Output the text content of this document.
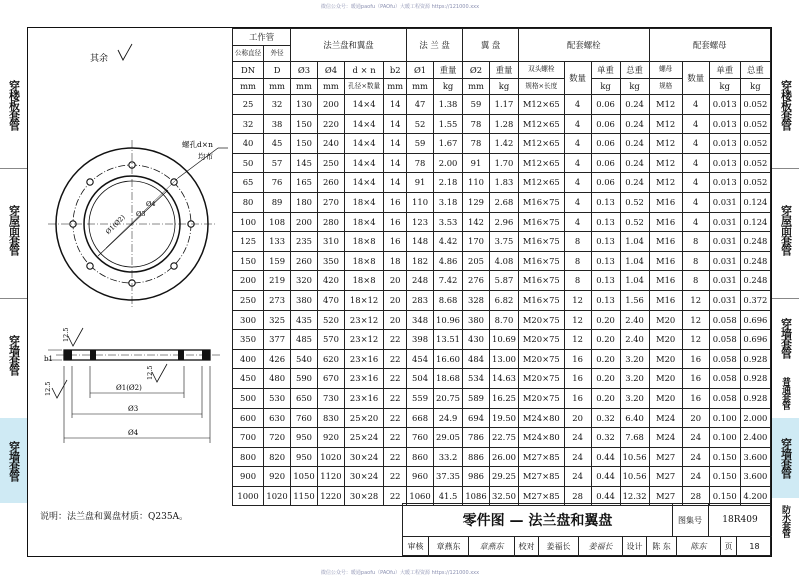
微信公众号：暖通paofu（PAOfu）大暖工程资源 https://121000.xxx
微信公众号：暖通paofu（PAOfu）大暖工程资源 https://121000.xxx
穿楼板套管
穿屋面套管
穿墙套管
穿墙套管
穿楼板套管
穿屋面套管
穿墙套管
普通套管
穿墙套管
防水套管
其余
螺孔d×n
均布
Ø1(Ø2) Ø3
Ø4
b1
12.5
12.5
12.5	Ø1(Ø2)
Ø3
Ø4
说明：法兰盘和翼盘材质：Q235A。
工作管		法兰盘和翼盘				法 兰 盘		翼 盘		配套螺栓				配套螺母			
公称直径	外径																
DN	D	Ø3	Ø4	d × n	b2	Ø1	重量	Ø2	重量	双头螺栓	数量	单重	总重	螺母	数量	单重	总重
mm	mm	mm	mm	孔径×数量	mm	mm	kg	mm	kg	规格×长度		kg	kg	规格		kg	kg
25	32	130	200	14×4	14	47	1.38	59	1.17	M12×65	4	0.06	0.24	M12	4	0.013	0.052
32	38	150	220	14×4	14	52	1.55	78	1.28	M12×65	4	0.06	0.24	M12	4	0.013	0.052
40	45	150	240	14×4	14	59	1.67	78	1.42	M12×65	4	0.06	0.24	M12	4	0.013	0.052
50	57	145	250	14×4	14	78	2.00	91	1.70	M12×65	4	0.06	0.24	M12	4	0.013	0.052
65	76	165	260	14×4	14	91	2.18	110	1.83	M12×65	4	0.06	0.24	M12	4	0.013	0.052
80	89	180	270	18×4	16	110	3.18	129	2.68	M16×75	4	0.13	0.52	M16	4	0.031	0.124
100	108	200	280	18×4	16	123	3.53	142	2.96	M16×75	4	0.13	0.52	M16	4	0.031	0.124
125	133	235	310	18×8	16	148	4.42	170	3.75	M16×75	8	0.13	1.04	M16	8	0.031	0.248
150	159	260	350	18×8	18	182	4.86	205	4.08	M16×75	8	0.13	1.04	M16	8	0.031	0.248
200	219	320	420	18×8	20	248	7.42	276	5.87	M16×75	8	0.13	1.04	M16	8	0.031	0.248
250	273	380	470	18×12	20	283	8.68	328	6.82	M16×75	12	0.13	1.56	M16	12	0.031	0.372
300	325	435	520	23×12	20	348	10.96	380	8.70	M20×75	12	0.20	2.40	M20	12	0.058	0.696
350	377	485	570	23×12	22	398	13.51	430	10.69	M20×75	12	0.20	2.40	M20	12	0.058	0.696
400	426	540	620	23×16	22	454	16.60	484	13.00	M20×75	16	0.20	3.20	M20	16	0.058	0.928
450	480	590	670	23×16	22	504	18.68	534	14.63	M20×75	16	0.20	3.20	M20	16	0.058	0.928
500	530	650	730	23×16	22	559	20.75	589	16.25	M20×75	16	0.20	3.20	M20	16	0.058	0.928
600	630	760	830	25×20	22	668	24.9	694	19.50	M24×80	20	0.32	6.40	M24	20	0.100	2.000
700	720	950	920	25×24	22	760	29.05	786	22.75	M24×80	24	0.32	7.68	M24	24	0.100	2.400
800	820	950	1020	30×24	22	860	33.2	886	26.00	M27×85	24	0.44	10.56	M27	24	0.150	3.600
900	920	1050	1120	30×24	22	960	37.35	986	29.25	M27×85	24	0.44	10.56	M27	24	0.150	3.600
1000	1020	1150	1220	30×28	22	1060	41.5	1086	32.50	M27×85	28	0.44	12.32	M27	28	0.150	4.200
零件图 — 法兰盘和翼盘	图集号	18R409
审核	章燕东	章燕东	校对	姜福长	姜福长	设计	陈 东	陈东	页	18
